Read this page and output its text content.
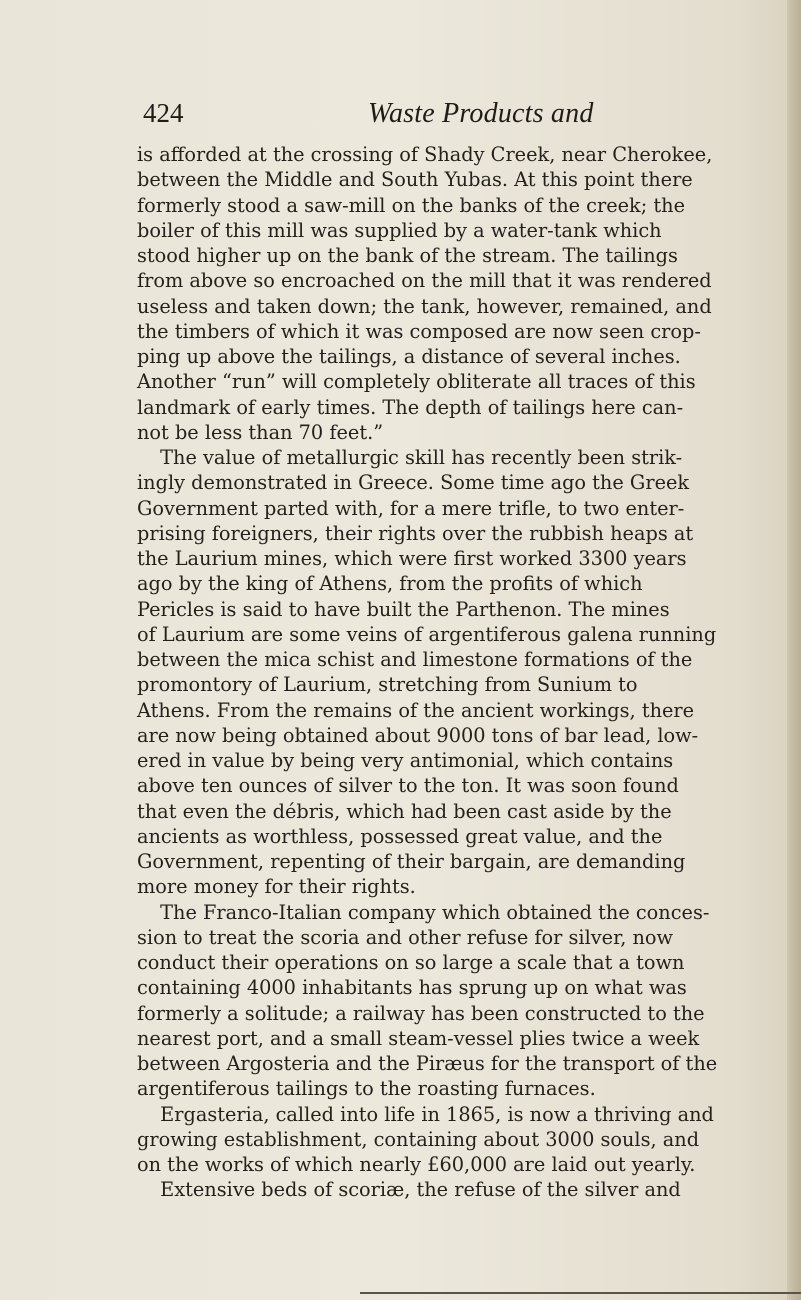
424	Waste Products and
is afforded at the crossing of Shady Creek, near Cherokee,
between the Middle and South Yubas. At this point there
formerly stood a saw-mill on the banks of the creek; the
boiler of this mill was supplied by a water-tank which
stood higher up on the bank of the stream. The tailings
from above so encroached on the mill that it was rendered
useless and taken down; the tank, however, remained, and
the timbers of which it was composed are now seen crop-
ping up above the tailings, a distance of several inches.
Another “run” will completely obliterate all traces of this
landmark of early times. The depth of tailings here can-
not be less than 70 feet.”
The value of metallurgic skill has recently been strik-
ingly demonstrated in Greece. Some time ago the Greek
Government parted with, for a mere trifle, to two enter-
prising foreigners, their rights over the rubbish heaps at
the Laurium mines, which were first worked 3300 years
ago by the king of Athens, from the profits of which
Pericles is said to have built the Parthenon. The mines
of Laurium are some veins of argentiferous galena running
between the mica schist and limestone formations of the
promontory of Laurium, stretching from Sunium to
Athens. From the remains of the ancient workings, there
are now being obtained about 9000 tons of bar lead, low-
ered in value by being very antimonial, which contains
above ten ounces of silver to the ton. It was soon found
that even the débris, which had been cast aside by the
ancients as worthless, possessed great value, and the
Government, repenting of their bargain, are demanding
more money for their rights.
The Franco-Italian company which obtained the conces-
sion to treat the scoria and other refuse for silver, now
conduct their operations on so large a scale that a town
containing 4000 inhabitants has sprung up on what was
formerly a solitude; a railway has been constructed to the
nearest port, and a small steam-vessel plies twice a week
between Argosteria and the Piræus for the transport of the
argentiferous tailings to the roasting furnaces.
Ergasteria, called into life in 1865, is now a thriving and
growing establishment, containing about 3000 souls, and
on the works of which nearly £60,000 are laid out yearly.
Extensive beds of scoriæ, the refuse of the silver and
